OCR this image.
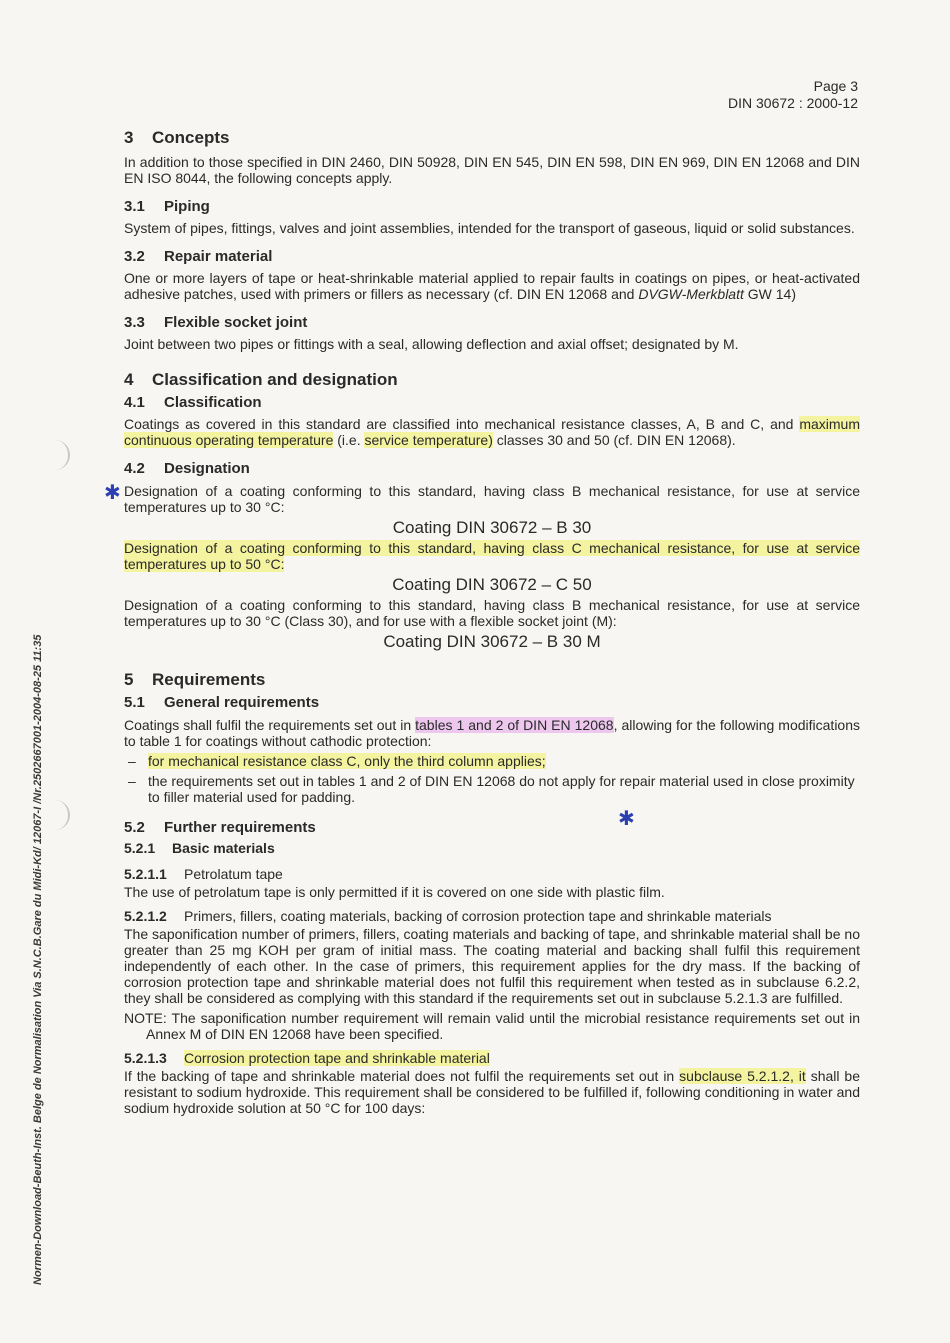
Normen-Download-Beuth-Inst. Belge de Normalisation Via S.N.C.B.Gare du Midi-Kd/ 12067-I /Nr.2502667001-2004-08-25 11:35
Page 3
DIN 30672 : 2000-12
✱
✱
3 Concepts

In addition to those specified in DIN 2460, DIN 50928, DIN EN 545, DIN EN 598, DIN EN 969, DIN EN 12068 and DIN EN ISO 8044, the following concepts apply.

3.1 Piping

System of pipes, fittings, valves and joint assemblies, intended for the transport of gaseous, liquid or solid substances.

3.2 Repair material

One or more layers of tape or heat-shrinkable material applied to repair faults in coatings on pipes, or heat-activated adhesive patches, used with primers or fillers as necessary (cf. DIN EN 12068 and DVGW-Merkblatt GW 14)

3.3 Flexible socket joint

Joint between two pipes or fittings with a seal, allowing deflection and axial offset; designated by M.

4 Classification and designation
4.1 Classification

Coatings as covered in this standard are classified into mechanical resistance classes, A, B and C, and maximum continuous operating temperature (i.e. service temperature) classes 30 and 50 (cf. DIN EN 12068).

4.2 Designation

Designation of a coating conforming to this standard, having class B mechanical resistance, for use at service temperatures up to 30 °C:

Coating DIN 30672 – B 30

Designation of a coating conforming to this standard, having class C mechanical resistance, for use at service temperatures up to 50 °C:

Coating DIN 30672 – C 50

Designation of a coating conforming to this standard, having class B mechanical resistance, for use at service temperatures up to 30 °C (Class 30), and for use with a flexible socket joint (M):

Coating DIN 30672 – B 30 M
5 Requirements
5.1 General requirements

Coatings shall fulfil the requirements set out in tables 1 and 2 of DIN EN 12068, allowing for the following modifications to table 1 for coatings without cathodic protection:

– for mechanical resistance class C, only the third column applies;
– the requirements set out in tables 1 and 2 of DIN EN 12068 do not apply for repair material used in close proximity to filler material used for padding.
5.2 Further requirements
5.2.1 Basic materials
5.2.1.1 Petrolatum tape

The use of petrolatum tape is only permitted if it is covered on one side with plastic film.

5.2.1.2 Primers, fillers, coating materials, backing of corrosion protection tape and shrinkable materials

The saponification number of primers, fillers, coating materials and backing of tape, and shrinkable material shall be no greater than 25 mg KOH per gram of initial mass. The coating material and backing shall fulfil this requirement independently of each other. In the case of primers, this requirement applies for the dry mass. If the backing of corrosion protection tape and shrinkable material does not fulfil this requirement when tested as in subclause 6.2.2, they shall be considered as complying with this standard if the requirements set out in subclause 5.2.1.3 are fulfilled.

NOTE: The saponification number requirement will remain valid until the microbial resistance requirements set out in Annex M of DIN EN 12068 have been specified.
5.2.1.3 Corrosion protection tape and shrinkable material

If the backing of tape and shrinkable material does not fulfil the requirements set out in subclause 5.2.1.2, it shall be resistant to sodium hydroxide. This requirement shall be considered to be fulfilled if, following conditioning in water and sodium hydroxide solution at 50 °C for 100 days:
